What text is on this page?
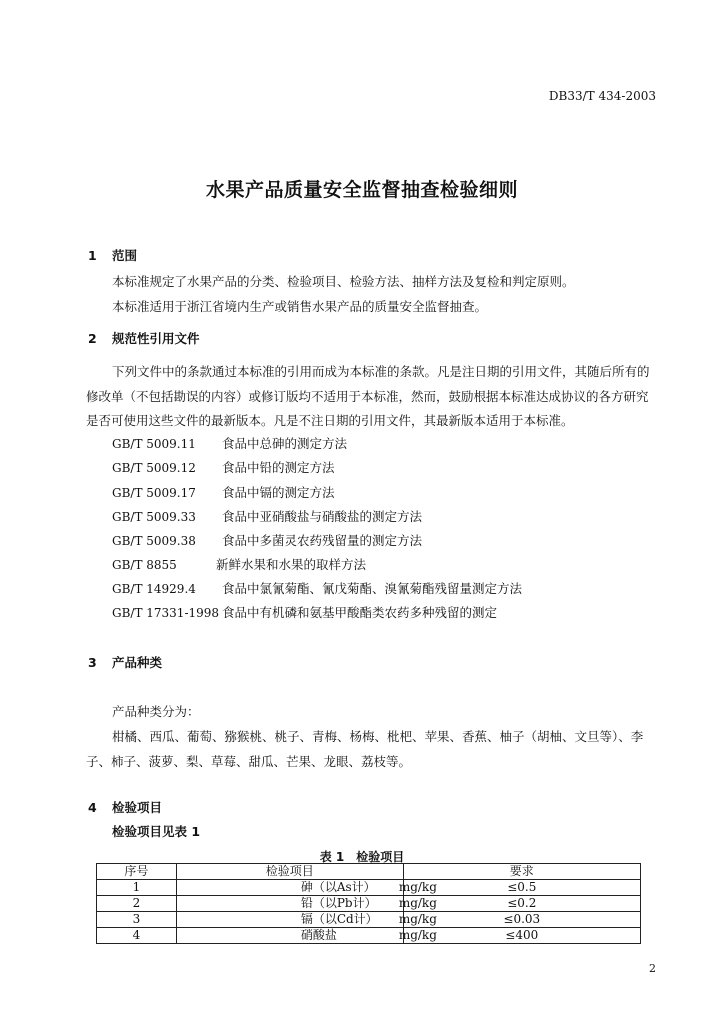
DB33/T 434-2003
水果产品质量安全监督抽查检验细则
1 范围
本标准规定了水果产品的分类、检验项目、检验方法、抽样方法及复检和判定原则。
本标准适用于浙江省境内生产或销售水果产品的质量安全监督抽查。
2 规范性引用文件
下列文件中的条款通过本标准的引用而成为本标准的条款。凡是注日期的引用文件，其随后所有的
修改单（不包括勘误的内容）或修订版均不适用于本标准，然而，鼓励根据本标准达成协议的各方研究
是否可使用这些文件的最新版本。凡是不注日期的引用文件，其最新版本适用于本标准。
GB/T 5009.11 食品中总砷的测定方法
GB/T 5009.12 食品中铅的测定方法
GB/T 5009.17 食品中镉的测定方法
GB/T 5009.33 食品中亚硝酸盐与硝酸盐的测定方法
GB/T 5009.38 食品中多菌灵农药残留量的测定方法
GB/T 8855	新鲜水果和水果的取样方法
GB/T 14929.4 食品中氯氰菊酯、氰戊菊酯、溴氰菊酯残留量测定方法
GB/T 17331-1998 食品中有机磷和氨基甲酸酯类农药多种残留的测定
3 产品种类
产品种类分为：
柑橘、西瓜、葡萄、猕猴桃、桃子、青梅、杨梅、枇杷、苹果、香蕉、柚子（胡柚、文旦等）、李
子、柿子、菠萝、梨、草莓、甜瓜、芒果、龙眼、荔枝等。
4 检验项目
检验项目见表 1
表 1　检验项目
序号	检验项目	要求
1	砷（以As计） mg/kg	≤0.5
2	铅（以Pb计） mg/kg	≤0.2
3	镉（以Cd计） mg/kg	≤0.03
4	硝酸盐 mg/kg	≤400
2
